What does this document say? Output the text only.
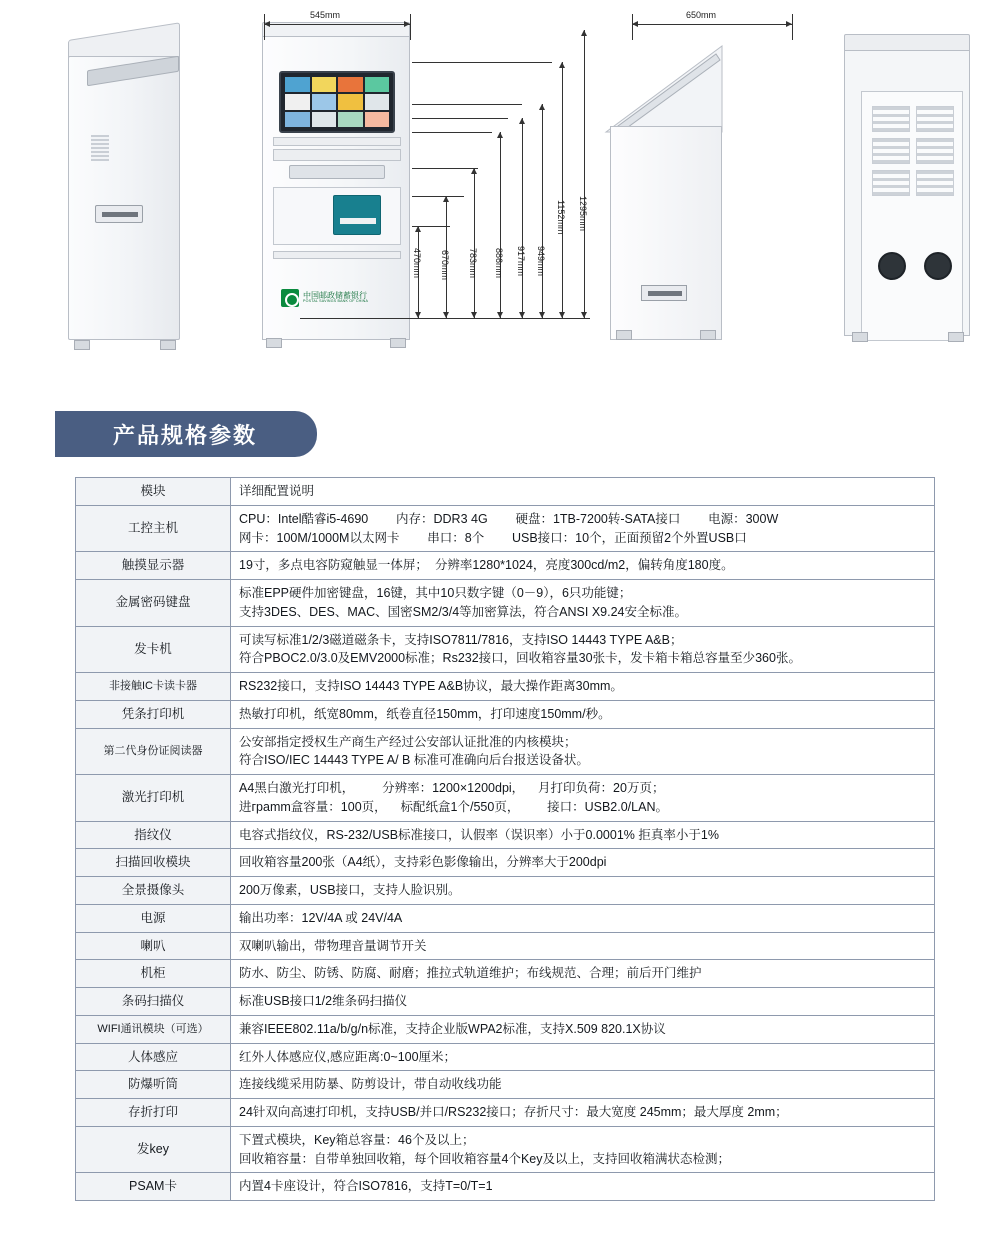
中国邮政储蓄银行
POSTAL SAVINGS BANK OF CHINA
545mm	650mm
470mm 670mm 783mm 886mm 917mm 949mm
1152mm 1295mm
产品规格参数
模块	详细配置说明
工控主机	CPU：Intel酷睿i5-4690        内存：DDR3 4G        硬盘：1TB-7200转-SATA接口        电源：300W
网卡：100M/1000M以太网卡        串口：8个        USB接口：10个，正面预留2个外置USB口

触摸显示器	19寸，多点电容防窥触显一体屏；  分辨率1280*1024，亮度300cd/m2，偏转角度180度。

金属密码键盘	标准EPP硬件加密键盘，16键，其中10只数字键（0－9），6只功能键；
支持3DES、DES、MAC、国密SM2/3/4等加密算法，符合ANSI X9.24安全标准。

发卡机	可读写标准1/2/3磁道磁条卡，支持ISO7811/7816，支持ISO 14443 TYPE A&B；
符合PBOC2.0/3.0及EMV2000标准；Rs232接口，回收箱容量30张卡，发卡箱卡箱总容量至少360张。

非接触IC卡读卡器	RS232接口，支持ISO 14443 TYPE A&B协议，最大操作距离30mm。

凭条打印机	热敏打印机，纸宽80mm，纸卷直径150mm，打印速度150mm/秒。

第二代身份证阅读器	公安部指定授权生产商生产经过公安部认证批准的内核模块；
符合ISO/IEC 14443 TYPE A/ B 标准可准确向后台报送设备状。

激光打印机	A4黑白激光打印机，        分辨率：1200×1200dpi，    月打印负荷：20万页；
进грamm盒容量：100页，    标配纸盒1个/550页，        接口：USB2.0/LAN。

指纹仪	电容式指纹仪，RS-232/USB标准接口，认假率（误识率）小于0.0001% 拒真率小于1%

扫描回收模块	回收箱容量200张（A4纸），支持彩色影像输出，分辨率大于200dpi

全景摄像头	200万像素，USB接口，支持人脸识别。

电源	输出功率：12V/4A 或 24V/4A

喇叭	双喇叭输出，带物理音量调节开关

机柜	防水、防尘、防锈、防腐、耐磨；推拉式轨道维护；布线规范、合理；前后开门维护

条码扫描仪	标准USB接口1/2维条码扫描仪

WIFI通讯模块（可选）	兼容IEEE802.11a/b/g/n标准，支持企业版WPA2标准，支持X.509 820.1X协议

人体感应	红外人体感应仪,感应距离:0~100厘米；

防爆听筒	连接线缆采用防暴、防剪设计，带自动收线功能

存折打印	24针双向高速打印机，支持USB/并口/RS232接口；存折尺寸：最大宽度 245mm；最大厚度 2mm；

发key	下置式模块，Key箱总容量：46个及以上；
回收箱容量：自带单独回收箱，每个回收箱容量4个Key及以上，支持回收箱满状态检测；

PSAM卡	内置4卡座设计，符合ISO7816，支持T=0/T=1
